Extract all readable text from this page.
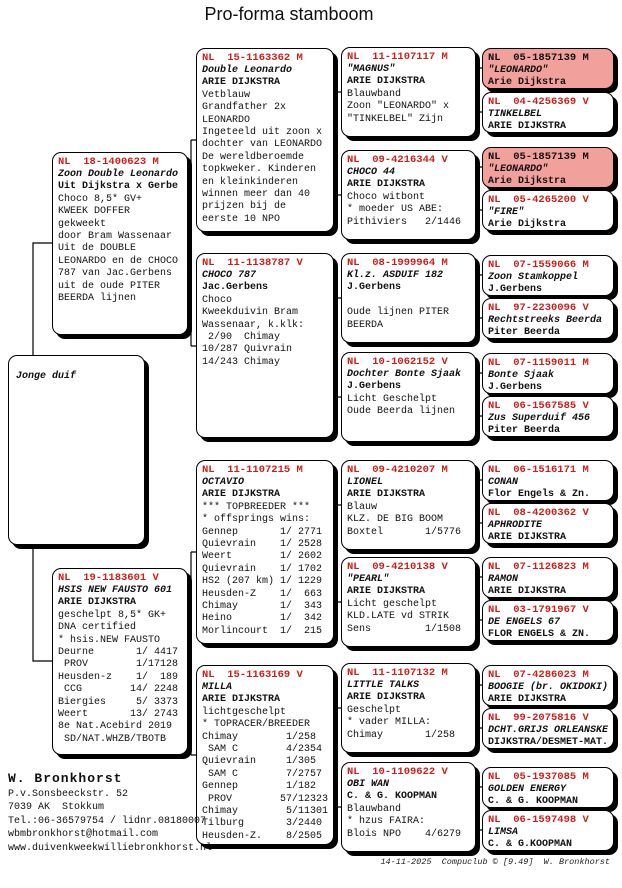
Pro-forma stamboom
Jonge duif
NL  18-1400623 M
Zoon Double Leonardo
Uit Dijkstra x Gerbe
Choco 8,5* GV+
KWEEK DOFFER
gekweekt
door Bram Wassenaar
Uit de DOUBLE
LEONARDO en de CHOCO
787 van Jac.Gerbens
uit de oude PITER
BEERDA lijnen
NL  19-1183601 V
HSIS NEW FAUSTO 601
ARIE DIJKSTRA
geschelpt 8,5* GK+
DNA certified
* hsis.NEW FAUSTO
Deurne       1/ 4417
PROV        1/17128
Heusden-z    1/  189
CCG        14/ 2248
Biergies     5/ 3373
Weert       13/ 2743
8e Nat.Acebird 2019
SD/NAT.WHZB/TBOTB
NL  15-1163362 M
Double Leonardo
ARIE DIJKSTRA
Vetblauw
Grandfather 2x
LEONARDO
Ingeteeld uit zoon x
dochter van LEONARDO
De wereldberoemde
topkweker. Kinderen
en kleinkinderen
winnen meer dan 40
prijzen bij de
eerste 10 NPO
NL  11-1138787 V
CHOCO 787
Jac.Gerbens
Choco
Kweekduivin Bram
Wassenaar, k.klk:
2/90  Chimay
10/287 Quivrain
14/243 Chimay
NL  11-1107215 M
OCTAVIO
ARIE DIJKSTRA
*** TOPBREEDER ***
* offsprings wins:
Gennep       1/ 2771
Quievrain    1/ 2528
Weert        1/ 2602
Quievrain    1/ 1702
HS2 (207 km) 1/ 1229
Heusden-Z    1/  663
Chimay       1/  343
Heino        1/  342
Morlincourt  1/  215
NL  15-1163169 V
MILLA
ARIE DIJKSTRA
lichtgeschelpt
* TOPRACER/BREEDER
Chimay        1/258
SAM C        4/2354
Quievrain     1/305
SAM C        7/2757
Gennep        1/182
PROV        57/12323
Chimay        5/11301
Tilburg       3/2440
Heusden-Z.    8/2505
NL  11-1107117 M
"MAGNUS"
ARIE DIJKSTRA
Blauwband
Zoon "LEONARDO" x
"TINKELBEL" Zijn
NL  09-4216344 V
CHOCO 44
ARIE DIJKSTRA
Choco witbont
* moeder US ABE:
Pithiviers   2/1446
NL  08-1999964 M
Kl.z. ASDUIF 182
J.Gerbens

Oude lijnen PITER
BEERDA
NL  10-1062152 V
Dochter Bonte Sjaak
J.Gerbens
Licht Geschelpt
Oude Beerda lijnen
NL  09-4210207 M
LIONEL
ARIE DIJKSTRA
Blauw
KLZ. DE BIG BOOM
Boxtel       1/5776
NL  09-4210138 V
"PEARL"
ARIE DIJKSTRA
Licht geschelpt
KLD.LATE vd STRIK
Sens         1/1508
NL  11-1107132 M
LITTLE TALKS
ARIE DIJKSTRA
Geschelpt
* vader MILLA:
Chimay       1/258
NL  10-1109622 V
OBI WAN
C. & G. KOOPMAN
Blauwband
* hzus FAIRA:
Blois NPO    4/6279
NL  05-1857139 M
"LEONARDO"
Arie Dijkstra
NL  04-4256369 V
TINKELBEL
ARIE DIJKSTRA
NL  05-1857139 M
"LEONARDO"
Arie Dijkstra
NL  05-4265200 V
"FIRE"
Arie Dijkstra
NL  07-1559066 M
Zoon Stamkoppel
J.Gerbens
NL  97-2230096 V
Rechtstreeks Beerda
Piter Beerda
NL  07-1159011 M
Bonte Sjaak
J.Gerbens
NL  06-1567585 V
Zus Superduif 456
Piter Beerda
NL  06-1516171 M
CONAN
Flor Engels & Zn.
NL  08-4200362 V
APHRODITE
ARIE DIJKSTRA
NL  07-1126823 M
RAMON
ARIE DIJKSTRA
NL  03-1791967 V
DE ENGELS 67
FLOR ENGELS & ZN.
NL  07-4286023 M
BOOGIE (br. OKIDOKI)
ARIE DIJKSTRA
NL  99-2075816 V
DCHT.GRIJS ORLEANSKE
DIJKSTRA/DESMET-MAT.
NL  05-1937085 M
GOLDEN ENERGY
C. & G. KOOPMAN
NL  06-1597498 V
LIMSA
C. & G.KOOPMAN
W. Bronkhorst
P.v.Sonsbeeckstr. 52
7039 AK  Stokkum
Tel.:06-36579754 / lidnr.08180007
wbmbronkhorst@hotmail.com
www.duivenkweekwilliebronkhorst.nl
14-11-2025  Compuclub © [9.49]  W. Bronkhorst
